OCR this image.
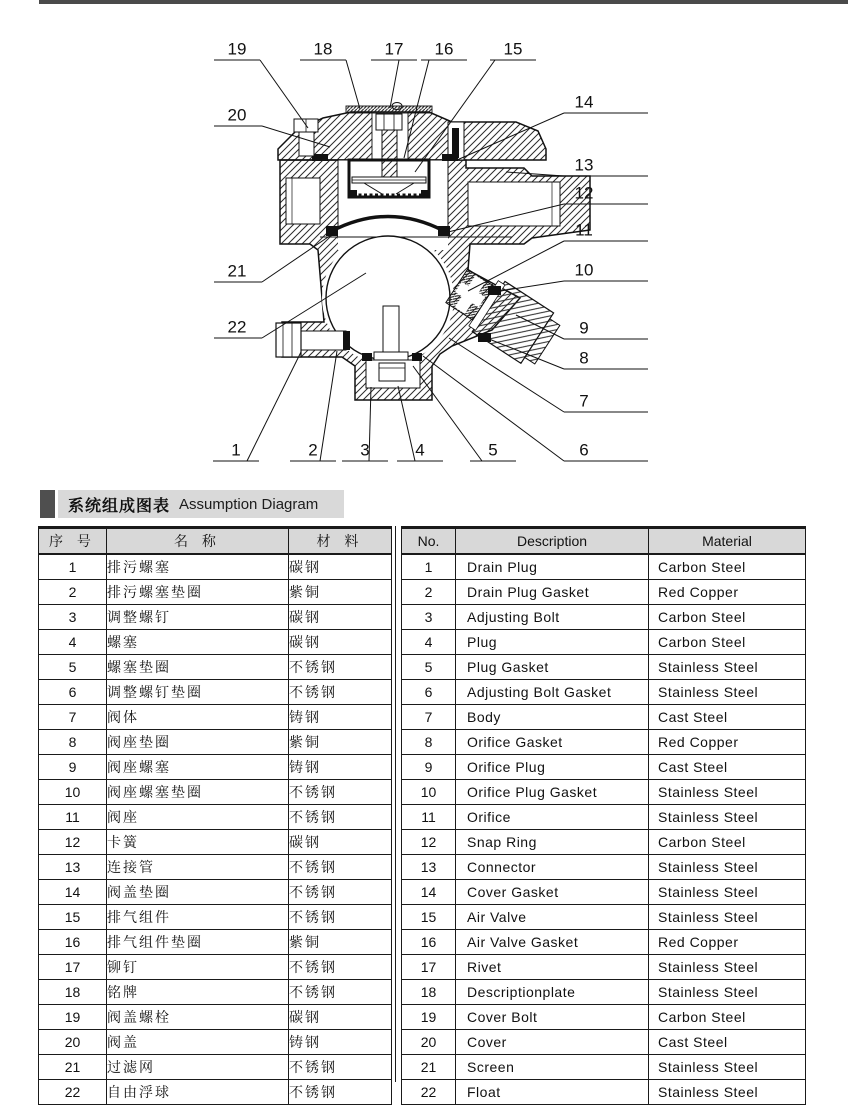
19	18	17 16	15
20
21
22
14
13
12
11
10
9
8
7
6
1	2	3	4	5
系统组成图表 Assumption Diagram
序 号	名 称	材 料
1	排污螺塞	碳钢
2	排污螺塞垫圈	紫铜
3	调整螺钉	碳钢
4	螺塞	碳钢
5	螺塞垫圈	不锈钢
6	调整螺钉垫圈	不锈钢
7	阀体	铸钢
8	阀座垫圈	紫铜
9	阀座螺塞	铸钢
10	阀座螺塞垫圈	不锈钢
11	阀座	不锈钢
12	卡簧	碳钢
13	连接管	不锈钢
14	阀盖垫圈	不锈钢
15	排气组件	不锈钢
16	排气组件垫圈	紫铜
17	铆钉	不锈钢
18	铭牌	不锈钢
19	阀盖螺栓	碳钢
20	阀盖	铸钢
21	过滤网	不锈钢
22	自由浮球	不锈钢
No.	Description	Material
1	Drain Plug	Carbon Steel
2	Drain Plug Gasket	Red Copper
3	Adjusting Bolt	Carbon Steel
4	Plug	Carbon Steel
5	Plug Gasket	Stainless Steel
6	Adjusting Bolt Gasket	Stainless Steel
7	Body	Cast Steel
8	Orifice Gasket	Red Copper
9	Orifice Plug	Cast Steel
10	Orifice Plug Gasket	Stainless Steel
11	Orifice	Stainless Steel
12	Snap Ring	Carbon Steel
13	Connector	Stainless Steel
14	Cover Gasket	Stainless Steel
15	Air Valve	Stainless Steel
16	Air Valve Gasket	Red Copper
17	Rivet	Stainless Steel
18	Descriptionplate	Stainless Steel
19	Cover Bolt	Carbon Steel
20	Cover	Cast Steel
21	Screen	Stainless Steel
22	Float	Stainless Steel
